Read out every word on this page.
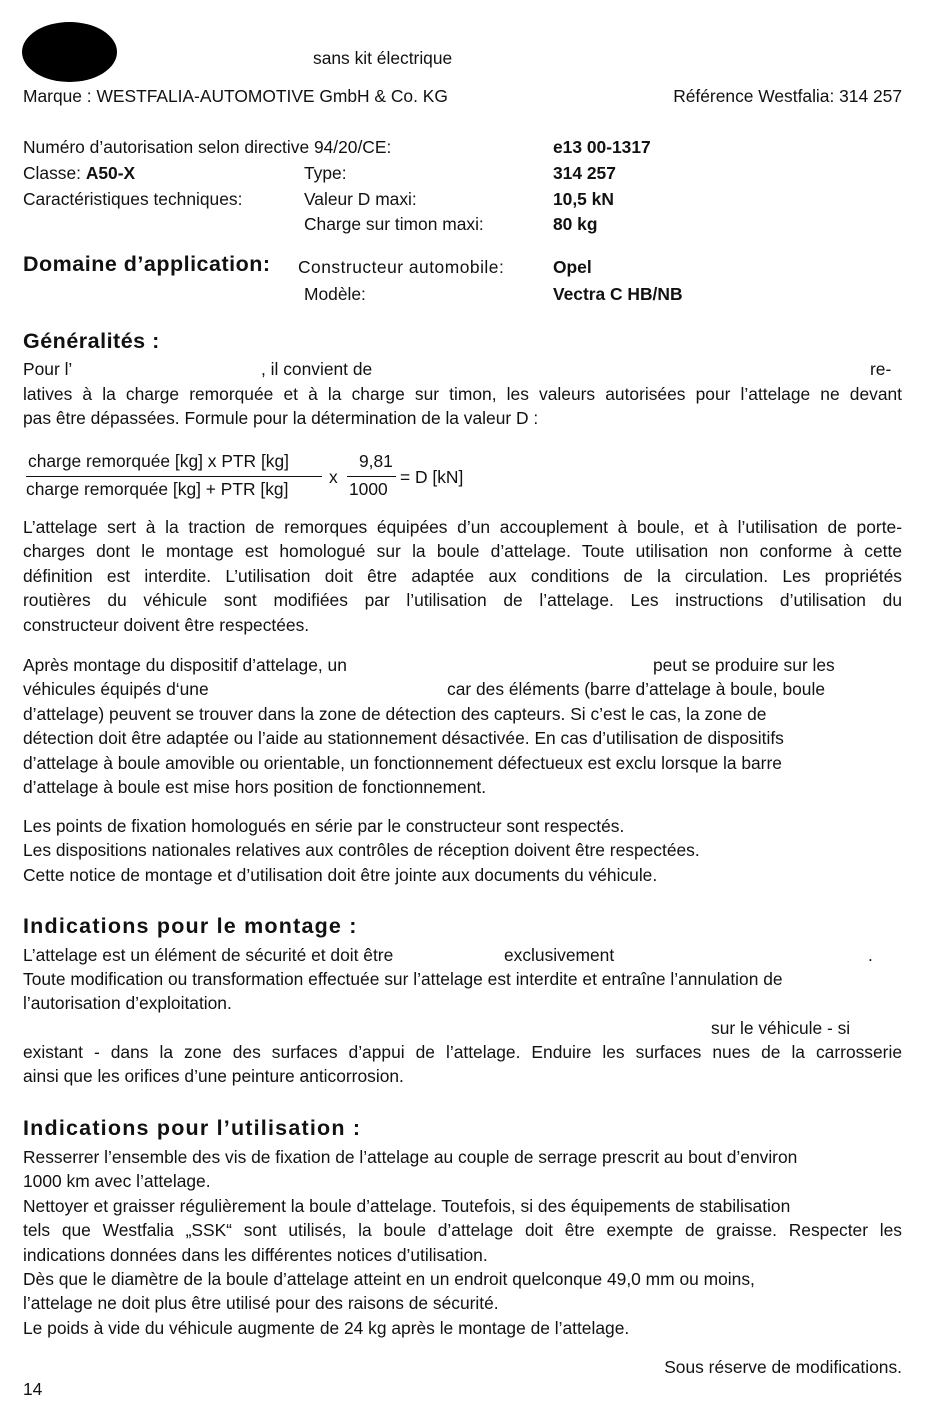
sans kit électrique
Marque : WESTFALIA-AUTOMOTIVE GmbH & Co. KG	Référence Westfalia: 314 257
Numéro d’autorisation selon directive 94/20/CE:	e13 00-1317
Classe: A50-X	Type:	314 257
Caractéristiques techniques:	Valeur D maxi:	10,5 kN
Charge sur timon maxi:	80 kg
Domaine d’application: Constructeur automobile:	Opel
Modèle:	Vectra C HB/NB
Généralités :
Pour l’	, il convient de	re-
latives à la charge remorquée et à la charge sur timon, les valeurs autorisées pour l’attelage ne devant
pas être dépassées. Formule pour la détermination de la valeur D :
charge remorquée [kg] x PTR [kg]
charge remorquée [kg] + PTR [kg]
x
9,81
1000
= D [kN]
L’attelage sert à la traction de remorques équipées d’un accouplement à boule, et à l’utilisation de porte-
charges dont le montage est homologué sur la boule d’attelage. Toute utilisation non conforme à cette
définition est interdite. L’utilisation doit être adaptée aux conditions de la circulation. Les propriétés
routières du véhicule sont modifiées par l’utilisation de l’attelage. Les instructions d’utilisation du
constructeur doivent être respectées.
Après montage du dispositif d’attelage, un	peut se produire sur les
véhicules équipés d‘une	car des éléments (barre d’attelage à boule, boule
d’attelage) peuvent se trouver dans la zone de détection des capteurs. Si c’est le cas, la zone de
détection doit être adaptée ou l’aide au stationnement désactivée. En cas d’utilisation de dispositifs
d’attelage à boule amovible ou orientable, un fonctionnement défectueux est exclu lorsque la barre
d’attelage à boule est mise hors position de fonctionnement.
Les points de fixation homologués en série par le constructeur sont respectés.
Les dispositions nationales relatives aux contrôles de réception doivent être respectées.
Cette notice de montage et d’utilisation doit être jointe aux documents du véhicule.
Indications pour le montage :
L’attelage est un élément de sécurité et doit être	exclusivement	.
Toute modification ou transformation effectuée sur l’attelage est interdite et entraîne l’annulation de
l’autorisation d’exploitation.
sur le véhicule - si
existant - dans la zone des surfaces d’appui de l’attelage. Enduire les surfaces nues de la carrosserie
ainsi que les orifices d’une peinture anticorrosion.
Indications pour l’utilisation :
Resserrer l’ensemble des vis de fixation de l’attelage au couple de serrage prescrit au bout d’environ
1000 km avec l’attelage.
Nettoyer et graisser régulièrement la boule d’attelage. Toutefois, si des équipements de stabilisation
tels que Westfalia „SSK“ sont utilisés, la boule d’attelage doit être exempte de graisse. Respecter les
indications données dans les différentes notices d’utilisation.
Dès que le diamètre de la boule d’attelage atteint en un endroit quelconque 49,0 mm ou moins,
l’attelage ne doit plus être utilisé pour des raisons de sécurité.
Le poids à vide du véhicule augmente de 24 kg après le montage de l’attelage.
Sous réserve de modifications.
14
